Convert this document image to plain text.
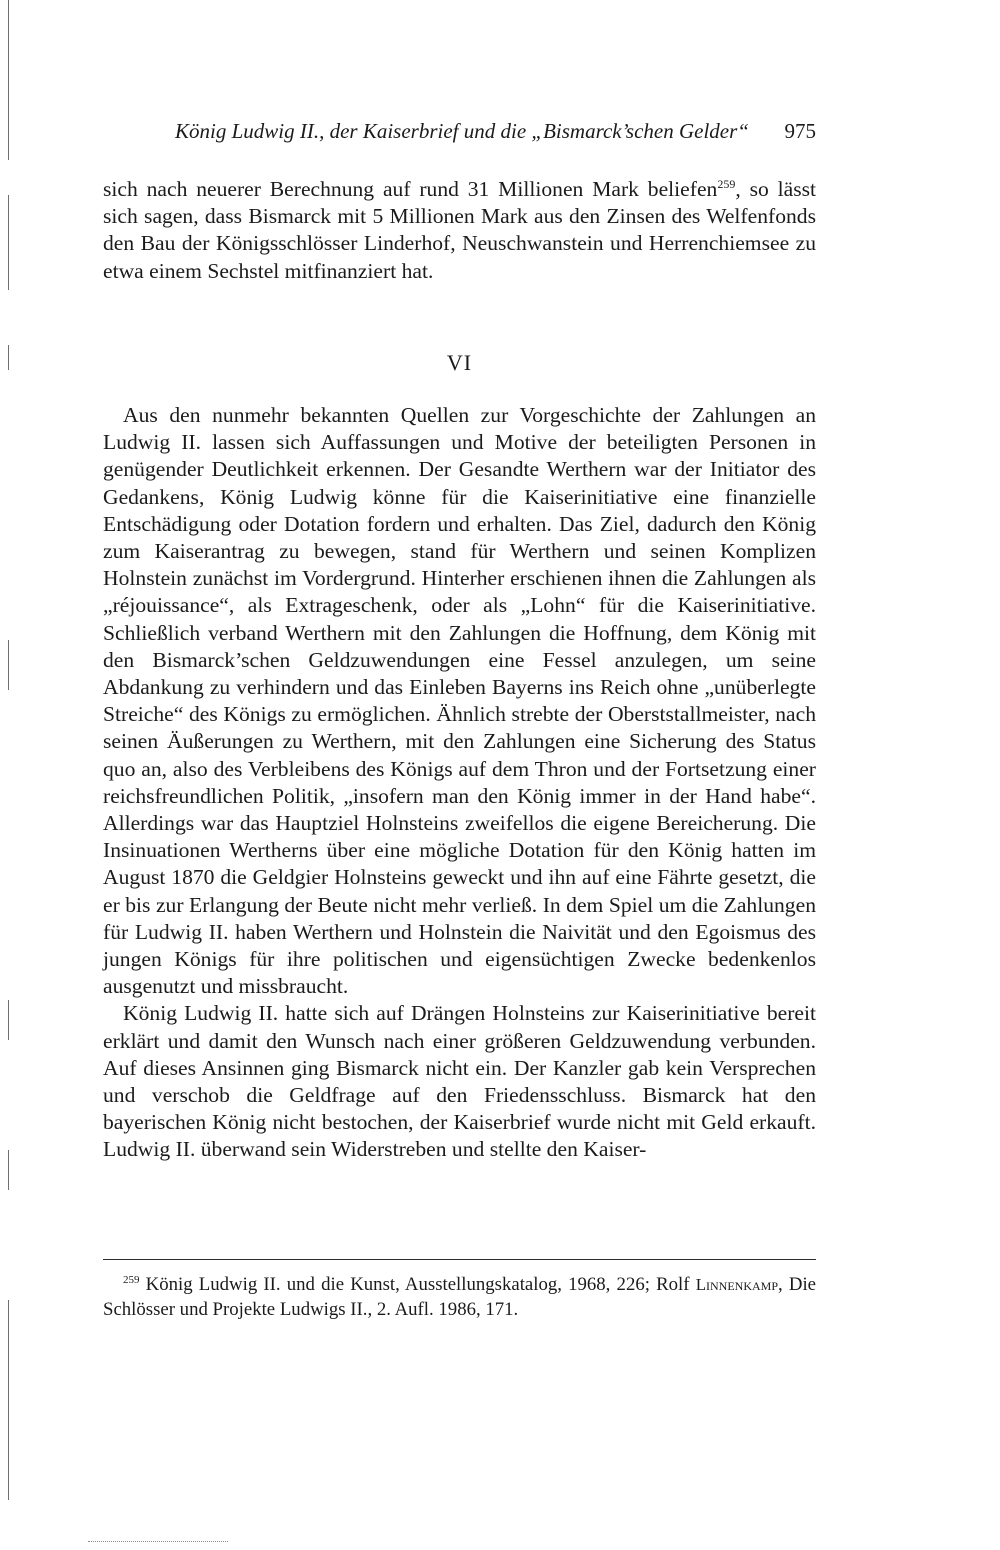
König Ludwig II., der Kaiserbrief und die „Bismarck’schen Gelder“ 975

sich nach neuerer Berechnung auf rund 31 Millionen Mark beliefen$^{259}$, so lässt sich sagen, dass Bismarck mit 5 Millionen Mark aus den Zinsen des Welfenfonds den Bau der Königsschlösser Linderhof, Neuschwanstein und Herrenchiemsee zu etwa einem Sechstel mitfinanziert hat.

VI

Aus den nunmehr bekannten Quellen zur Vorgeschichte der Zahlungen an Ludwig II. lassen sich Auffassungen und Motive der beteiligten Personen in genügender Deutlichkeit erkennen. Der Gesandte Werthern war der Initiator des Gedankens, König Ludwig könne für die Kaiserinitiative eine finanzielle Entschädigung oder Dotation fordern und erhalten. Das Ziel, dadurch den König zum Kaiserantrag zu bewegen, stand für Werthern und seinen Komplizen Holnstein zunächst im Vordergrund. Hinterher erschienen ihnen die Zahlungen als „réjouissance“, als Extrageschenk, oder als „Lohn“ für die Kaiserinitiative. Schließlich verband Werthern mit den Zahlungen die Hoffnung, dem König mit den Bismarck’schen Geldzuwendungen eine Fessel anzulegen, um seine Abdankung zu verhindern und das Einleben Bayerns ins Reich ohne „unüberlegte Streiche“ des Königs zu ermöglichen. Ähnlich strebte der Oberststallmeister, nach seinen Äußerungen zu Werthern, mit den Zahlungen eine Sicherung des Status quo an, also des Verbleibens des Königs auf dem Thron und der Fortsetzung einer reichsfreundlichen Politik, „insofern man den König immer in der Hand habe“. Allerdings war das Hauptziel Holnsteins zweifellos die eigene Bereicherung. Die Insinuationen Wertherns über eine mögliche Dotation für den König hatten im August 1870 die Geldgier Holnsteins geweckt und ihn auf eine Fährte gesetzt, die er bis zur Erlangung der Beute nicht mehr verließ. In dem Spiel um die Zahlungen für Ludwig II. haben Werthern und Holnstein die Naivität und den Egoismus des jungen Königs für ihre politischen und eigensüchtigen Zwecke bedenkenlos ausgenutzt und missbraucht.

König Ludwig II. hatte sich auf Drängen Holnsteins zur Kaiserinitiative bereit erklärt und damit den Wunsch nach einer größeren Geldzuwendung verbunden. Auf dieses Ansinnen ging Bismarck nicht ein. Der Kanzler gab kein Versprechen und verschob die Geldfrage auf den Friedensschluss. Bismarck hat den bayerischen König nicht bestochen, der Kaiserbrief wurde nicht mit Geld erkauft. Ludwig II. überwand sein Widerstreben und stellte den Kaiser-

$^{259}$ König Ludwig II. und die Kunst, Ausstellungskatalog, 1968, 226; Rolf Linnenkamp, Die Schlösser und Projekte Ludwigs II., 2. Aufl. 1986, 171.
